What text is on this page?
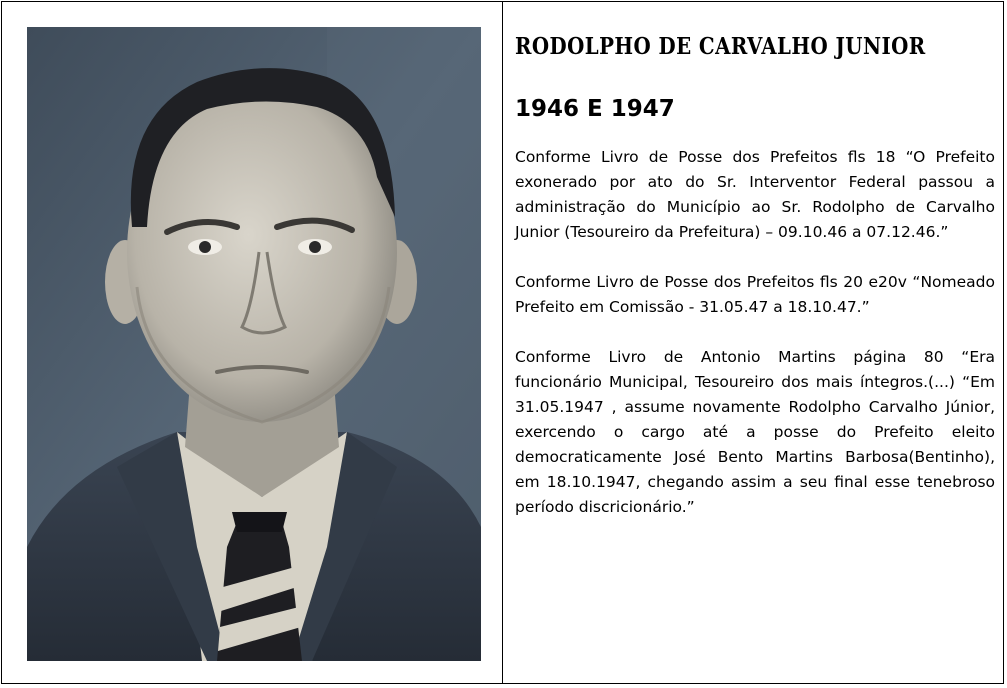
RODOLPHO DE CARVALHO JUNIOR
1946 E 1947

Conforme Livro de Posse dos Prefeitos fls 18 “O Prefeito exonerado por ato do Sr. Interventor Federal passou a administração do Município ao Sr. Rodolpho de Carvalho Junior (Tesoureiro da Prefeitura) – 09.10.46 a 07.12.46.”

Conforme Livro de Posse dos Prefeitos fls 20 e20v “Nomeado Prefeito em Comissão - 31.05.47 a 18.10.47.”

Conforme Livro de Antonio Martins página 80 “Era funcionário Municipal, Tesoureiro dos mais íntegros.(...) “Em 31.05.1947 , assume novamente Rodolpho Carvalho Júnior, exercendo o cargo até a posse do Prefeito eleito democraticamente José Bento Martins Barbosa(Bentinho), em 18.10.1947, chegando assim a seu final esse tenebroso período discricionário.”
